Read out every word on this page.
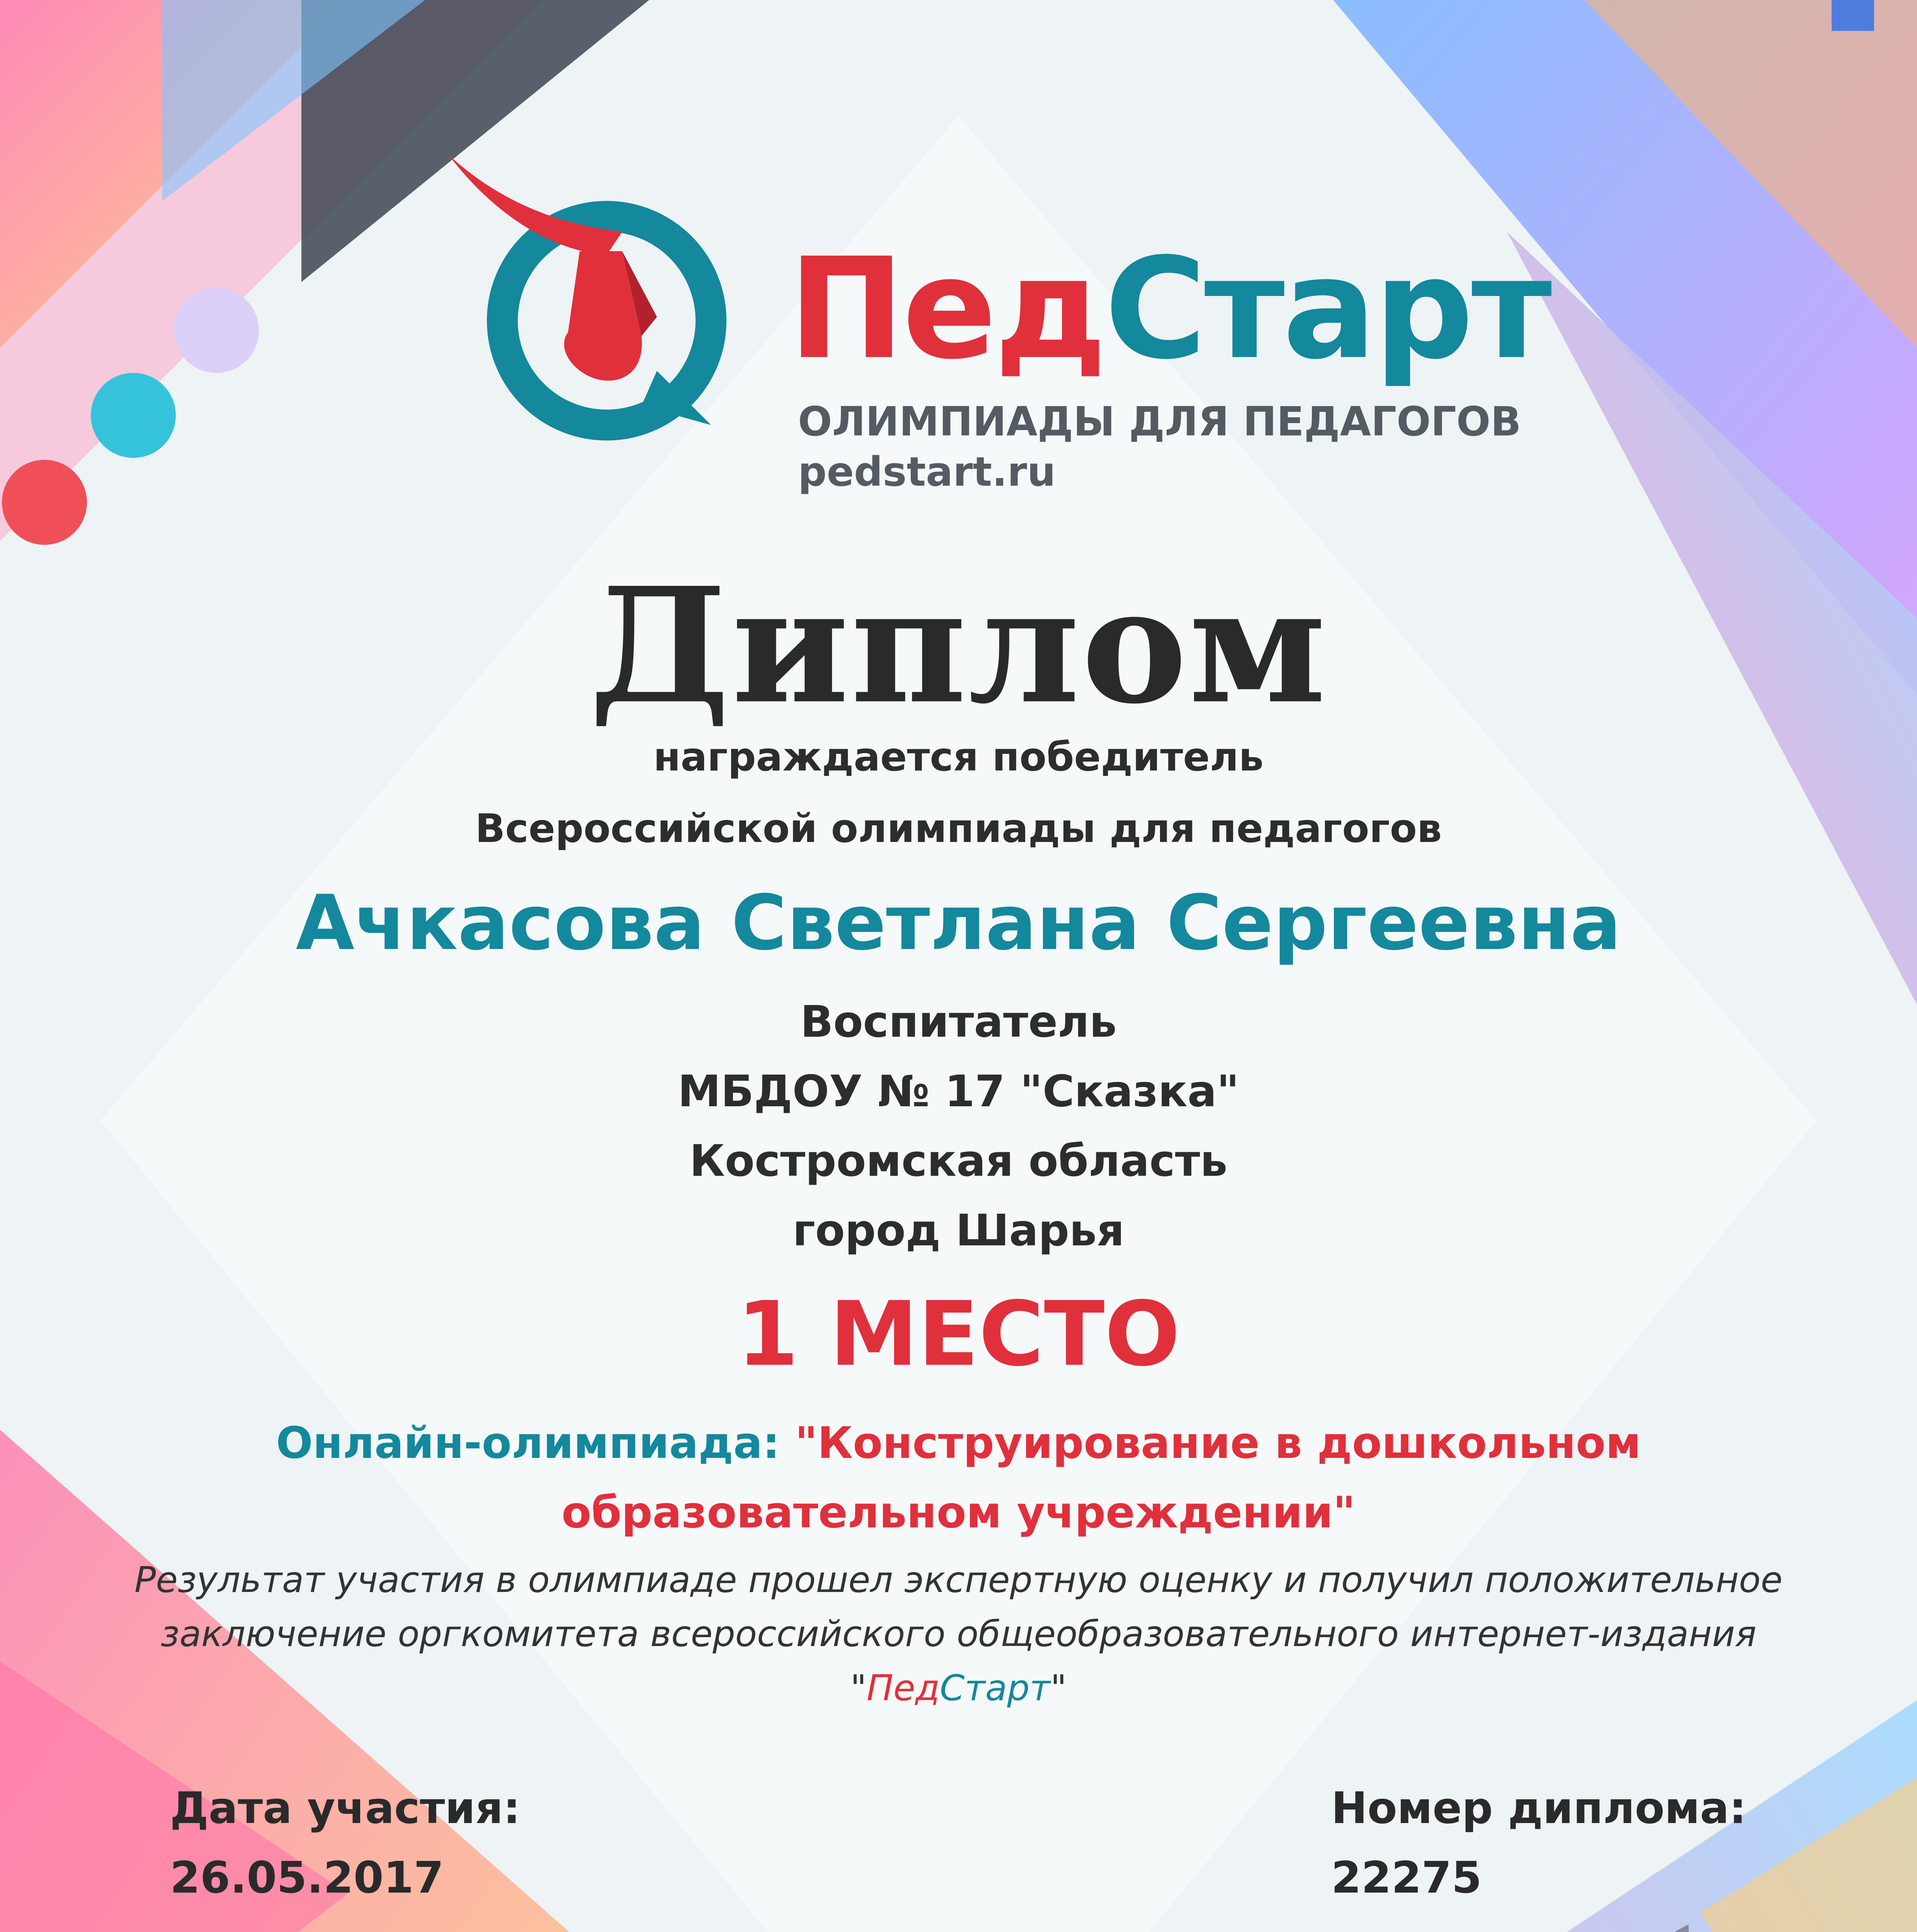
ПедСтарт
ОЛИМПИАДЫ ДЛЯ ПЕДАГОГОВ
pedstart.ru
Диплом
награждается победитель
Всероссийской олимпиады для педагогов
Ачкасова Светлана Сергеевна
Воспитатель
МБДОУ № 17 "Сказка"
Костромская область
город Шарья
1 МЕСТО
Онлайн-олимпиада: "Конструирование в дошкольном
образовательном учреждении"
Результат участия в олимпиаде прошел экспертную оценку и получил положительное
заключение оргкомитета всероссийского общеобразовательного интернет-издания
"ПедСтарт"
Дата участия:
26.05.2017
Номер диплома:
22275
